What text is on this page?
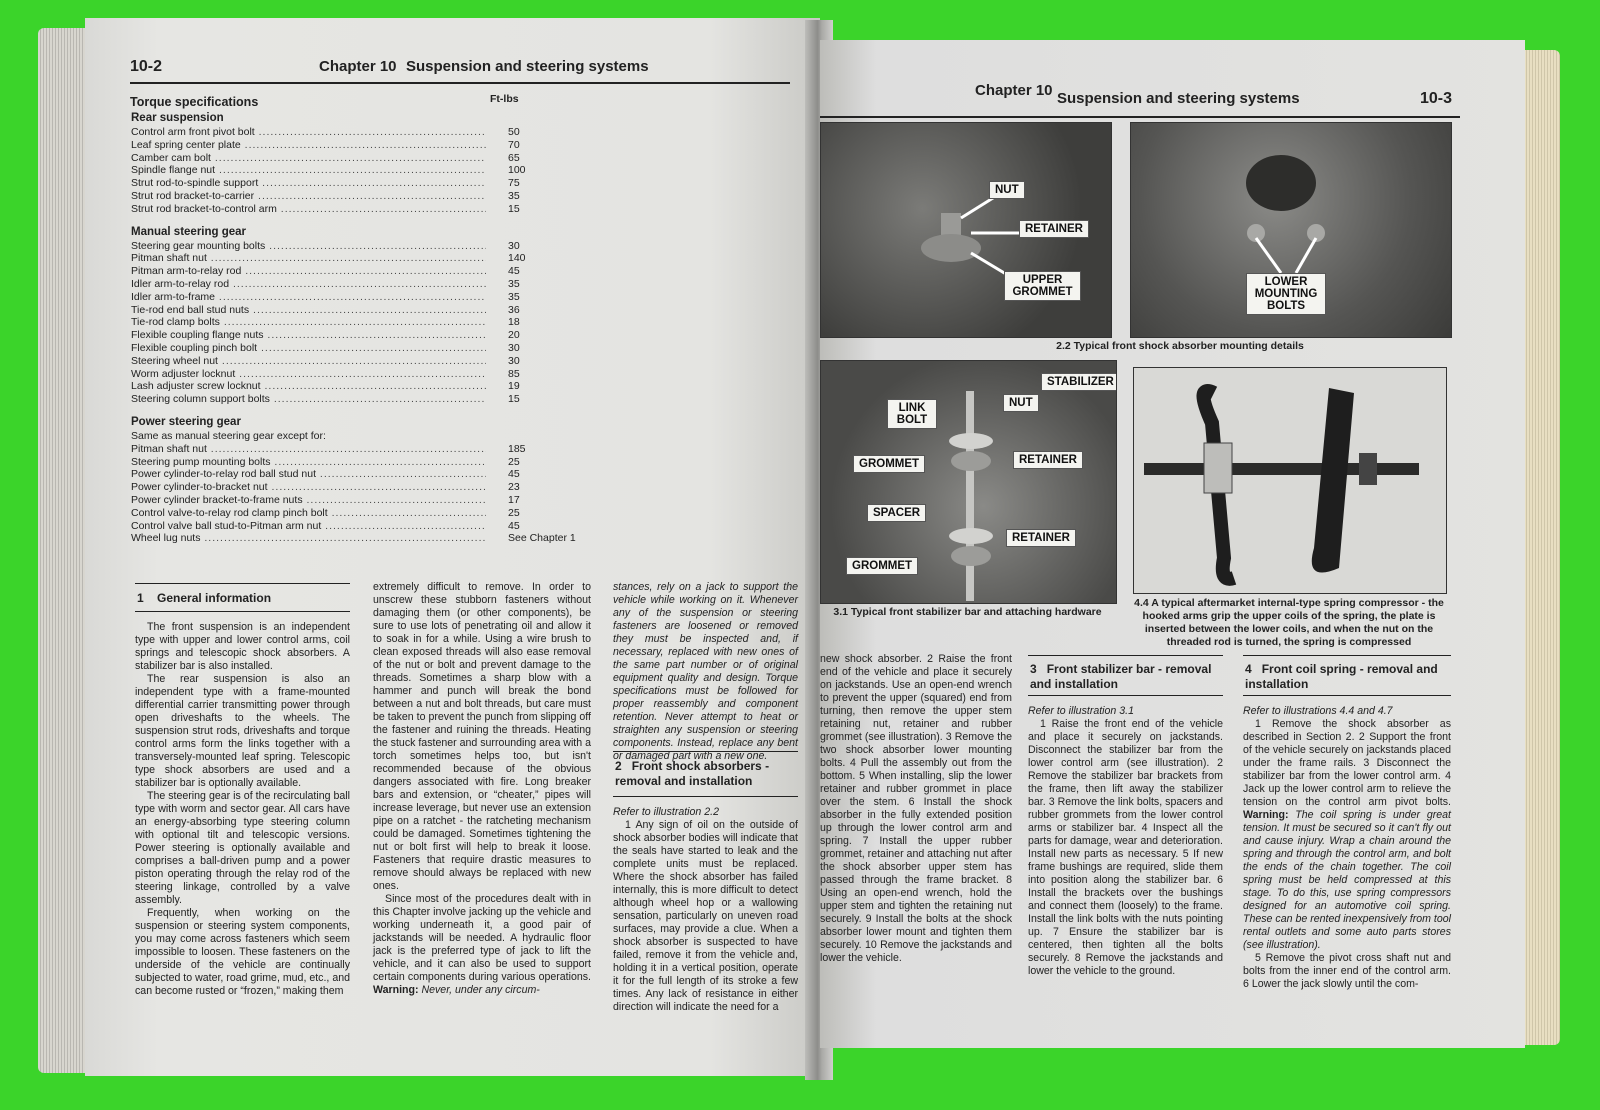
10-2	Chapter 10 Suspension and steering systems
Torque specifications	Ft-lbs
Rear suspension
Control arm front pivot bolt .....	50
Leaf spring center plate .....	70
Camber cam bolt .....	65
Spindle flange nut .....	100
Strut rod-to-spindle support .....	75
Strut rod bracket-to-carrier .....	35
Strut rod bracket-to-control arm .....	15
Manual steering gear
Steering gear mounting bolts .....	30
Pitman shaft nut .....	140
Pitman arm-to-relay rod .....	45
Idler arm-to-relay rod .....	35
Idler arm-to-frame .....	35
Tie-rod end ball stud nuts .....	36
Tie-rod clamp bolts .....	18
Flexible coupling flange nuts .....	20
Flexible coupling pinch bolt .....	30
Steering wheel nut .....	30
Worm adjuster locknut .....	85
Lash adjuster screw locknut .....	19
Steering column support bolts .....	15
Power steering gear
Same as manual steering gear except for:
Pitman shaft nut .....	185
Steering pump mounting bolts .....	25
Power cylinder-to-relay rod ball stud nut .....	45
Power cylinder-to-bracket nut .....	23
Power cylinder bracket-to-frame nuts .....	17
Control valve-to-relay rod clamp pinch bolt .....	25
Control valve ball stud-to-Pitman arm nut .....	45
Wheel lug nuts .....	See Chapter 1
1 General information

The front suspension is an independent type with upper and lower control arms, coil springs and telescopic shock absorbers. A stabilizer bar is also installed.

The rear suspension is also an independent type with a frame-mounted differential carrier transmitting power through open driveshafts to the wheels. The suspension strut rods, driveshafts and torque control arms form the links together with a transversely-mounted leaf spring. Telescopic type shock absorbers are used and a stabilizer bar is optionally available.

The steering gear is of the recirculating ball type with worm and sector gear. All cars have an energy-absorbing type steering column with optional tilt and telescopic versions. Power steering is optionally available and comprises a ball-driven pump and a power piston operating through the relay rod of the steering linkage, controlled by a valve assembly.

Frequently, when working on the suspension or steering system components, you may come across fasteners which seem impossible to loosen. These fasteners on the underside of the vehicle are continually subjected to water, road grime, mud, etc., and can become rusted or “frozen,” making them

extremely difficult to remove. In order to unscrew these stubborn fasteners without damaging them (or other components), be sure to use lots of penetrating oil and allow it to soak in for a while. Using a wire brush to clean exposed threads will also ease removal of the nut or bolt and prevent damage to the threads. Sometimes a sharp blow with a hammer and punch will break the bond between a nut and bolt threads, but care must be taken to prevent the punch from slipping off the fastener and ruining the threads. Heating the stuck fastener and surrounding area with a torch sometimes helps too, but isn't recommended because of the obvious dangers associated with fire. Long breaker bars and extension, or “cheater,” pipes will increase leverage, but never use an extension pipe on a ratchet - the ratcheting mechanism could be damaged. Sometimes tightening the nut or bolt first will help to break it loose. Fasteners that require drastic measures to remove should always be replaced with new ones.

Since most of the procedures dealt with in this Chapter involve jacking up the vehicle and working underneath it, a good pair of jackstands will be needed. A hydraulic floor jack is the preferred type of jack to lift the vehicle, and it can also be used to support certain components during various operations. Warning: Never, under any circum-

stances, rely on a jack to support the vehicle while working on it. Whenever any of the suspension or steering fasteners are loosened or removed they must be inspected and, if necessary, replaced with new ones of the same part number or of original equipment quality and design. Torque specifications must be followed for proper reassembly and component retention. Never attempt to heat or straighten any suspension or steering components. Instead, replace any bent or damaged part with a new one.

2 Front shock absorbers - removal and installation

Refer to illustration 2.2

1 Any sign of oil on the outside of shock absorber bodies will indicate that the seals have started to leak and the complete units must be replaced. Where the shock absorber has failed internally, this is more difficult to detect although wheel hop or a wallowing sensation, particularly on uneven road surfaces, may provide a clue. When a shock absorber is suspected to have failed, remove it from the vehicle and, holding it in a vertical position, operate it for the full length of its stroke a few times. Any lack of resistance in either direction will indicate the need for a

Chapter 10 Suspension and steering systems	10-3
NUT
RETAINER
UPPER GROMMET
LOWER MOUNTING BOLTS
2.2 Typical front shock absorber mounting details
STABILIZER
LINK BOLT
NUT
GROMMET	RETAINER
SPACER
RETAINER
GROMMET
3.1 Typical front stabilizer bar and attaching hardware
4.4 A typical aftermarket internal-type spring compressor - the hooked arms grip the upper coils of the spring, the plate is inserted between the lower coils, and when the nut on the threaded rod is turned, the spring is compressed

new shock absorber. 2 Raise the front end of the vehicle and place it securely on jackstands. Use an open-end wrench to prevent the upper (squared) end from turning, then remove the upper stem retaining nut, retainer and rubber grommet (see illustration). 3 Remove the two shock absorber lower mounting bolts. 4 Pull the assembly out from the bottom. 5 When installing, slip the lower retainer and rubber grommet in place over the stem. 6 Install the shock absorber in the fully extended position up through the lower control arm and spring. 7 Install the upper rubber grommet, retainer and attaching nut after the shock absorber upper stem has passed through the frame bracket. 8 Using an open-end wrench, hold the upper stem and tighten the retaining nut securely. 9 Install the bolts at the shock absorber lower mount and tighten them securely. 10 Remove the jackstands and lower the vehicle.

3 Front stabilizer bar - removal and installation

Refer to illustration 3.1

1 Raise the front end of the vehicle and place it securely on jackstands. Disconnect the stabilizer bar from the lower control arm (see illustration). 2 Remove the stabilizer bar brackets from the frame, then lift away the stabilizer bar. 3 Remove the link bolts, spacers and rubber grommets from the lower control arms or stabilizer bar. 4 Inspect all the parts for damage, wear and deterioration. Install new parts as necessary. 5 If new frame bushings are required, slide them into position along the stabilizer bar. 6 Install the brackets over the bushings and connect them (loosely) to the frame. Install the link bolts with the nuts pointing up. 7 Ensure the stabilizer bar is centered, then tighten all the bolts securely. 8 Remove the jackstands and lower the vehicle to the ground.

4 Front coil spring - removal and installation

Refer to illustrations 4.4 and 4.7

1 Remove the shock absorber as described in Section 2. 2 Support the front of the vehicle securely on jackstands placed under the frame rails. 3 Disconnect the stabilizer bar from the lower control arm. 4 Jack up the lower control arm to relieve the tension on the control arm pivot bolts. Warning: The coil spring is under great tension. It must be secured so it can't fly out and cause injury. Wrap a chain around the spring and through the control arm, and bolt the ends of the chain together. The coil spring must be held compressed at this stage. To do this, use spring compressors designed for an automotive coil spring. These can be rented inexpensively from tool rental outlets and some auto parts stores (see illustration).

5 Remove the pivot cross shaft nut and bolts from the inner end of the control arm. 6 Lower the jack slowly until the com-
